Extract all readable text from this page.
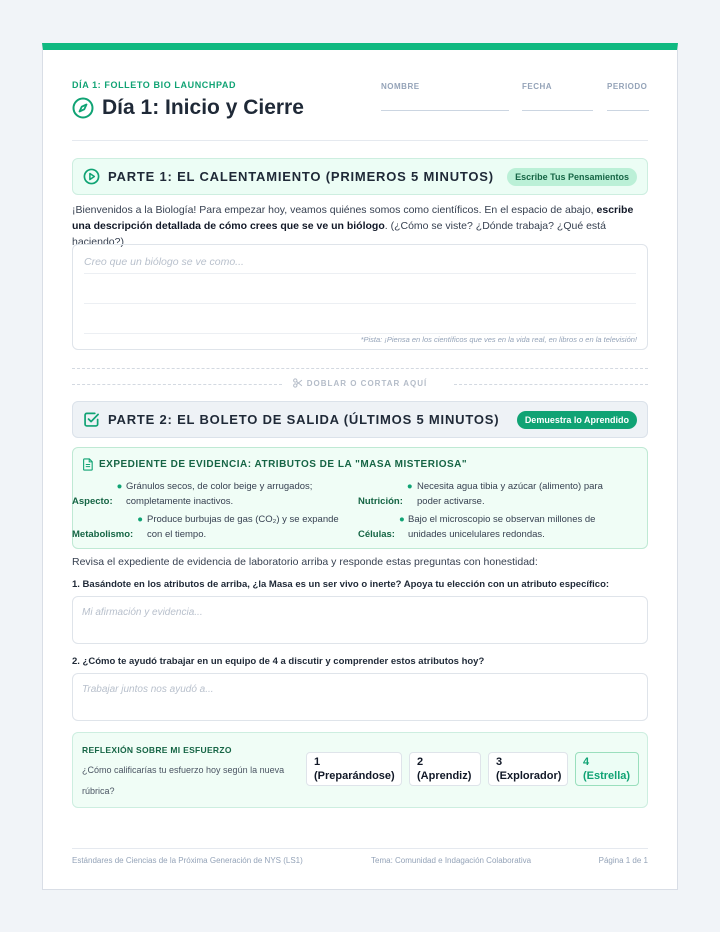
DÍA 1: FOLLETO BIO LAUNCHPAD
Día 1: Inicio y Cierre
NOMBRE	FECHA	PERIODO
PARTE 1: EL CALENTAMIENTO (PRIMEROS 5 MINUTOS)	Escribe Tus Pensamientos
¡Bienvenidos a la Biología! Para empezar hoy, veamos quiénes somos como científicos. En el espacio de abajo, escribe una descripción detallada de cómo crees que se ve un biólogo. (¿Cómo se viste? ¿Dónde trabaja? ¿Qué está haciendo?)
Creo que un biólogo se ve como...
*Pista: ¡Piensa en los científicos que ves en la vida real, en libros o en la televisión!
DOBLAR O CORTAR AQUÍ
PARTE 2: EL BOLETO DE SALIDA (ÚLTIMOS 5 MINUTOS)	Demuestra lo Aprendido
EXPEDIENTE DE EVIDENCIA: ATRIBUTOS DE LA "MASA MISTERIOSA"
●
Aspecto:
Gránulos secos, de color beige y arrugados; completamente inactivos.
●
Nutrición:
Necesita agua tibia y azúcar (alimento) para poder activarse.
●
Metabolismo:
Produce burbujas de gas (CO₂) y se expande con el tiempo.
●
Células:
Bajo el microscopio se observan millones de unidades unicelulares redondas.
Revisa el expediente de evidencia de laboratorio arriba y responde estas preguntas con honestidad:
1. Basándote en los atributos de arriba, ¿la Masa es un ser vivo o inerte? Apoya tu elección con un atributo específico:
Mi afirmación y evidencia...
2. ¿Cómo te ayudó trabajar en un equipo de 4 a discutir y comprender estos atributos hoy?
Trabajar juntos nos ayudó a...
REFLEXIÓN SOBRE MI ESFUERZO
¿Cómo calificarías tu esfuerzo hoy según la nueva rúbrica?
1
(Preparándose)
2
(Aprendiz)
3
(Explorador)
4
(Estrella)
Estándares de Ciencias de la Próxima Generación de NYS (LS1)	Tema: Comunidad e Indagación Colaborativa	Página 1 de 1
